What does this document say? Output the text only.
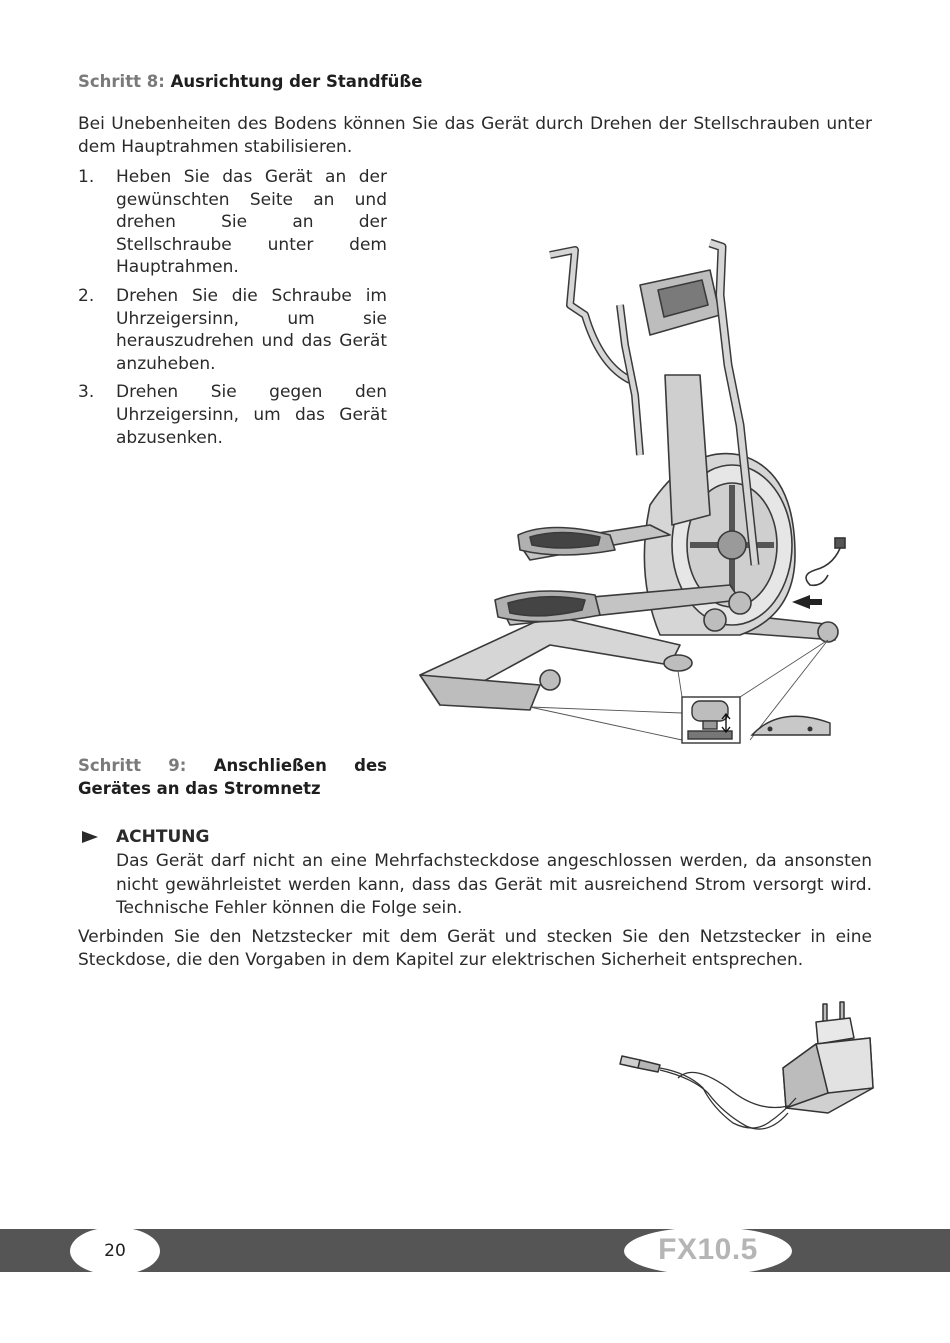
Schritt 8: Ausrichtung der Standfüße
Bei Unebenheiten des Bodens können Sie das Gerät durch Drehen der Stellschrauben unter dem Hauptrahmen stabilisieren.
1. Heben Sie das Gerät an der gewünschten Seite an und drehen Sie an der Stellschraube unter dem Hauptrahmen.
2. Drehen Sie die Schraube im Uhrzeigersinn, um sie herauszudrehen und das Gerät anzuheben.
3. Drehen Sie gegen den Uhrzeigersinn, um das Gerät abzusenken.
Schritt 9: Anschließen des Gerätes an das Stromnetz
ACHTUNG
Das Gerät darf nicht an eine Mehrfachsteckdose angeschlossen werden, da ansonsten nicht gewährleistet werden kann, dass das Gerät mit ausreichend Strom versorgt wird. Technische Fehler können die Folge sein.
Verbinden Sie den Netzstecker mit dem Gerät und stecken Sie den Netzstecker in eine Steckdose, die den Vorgaben in dem Kapitel zur elektrischen Sicherheit entsprechen.
20	FX10.5
